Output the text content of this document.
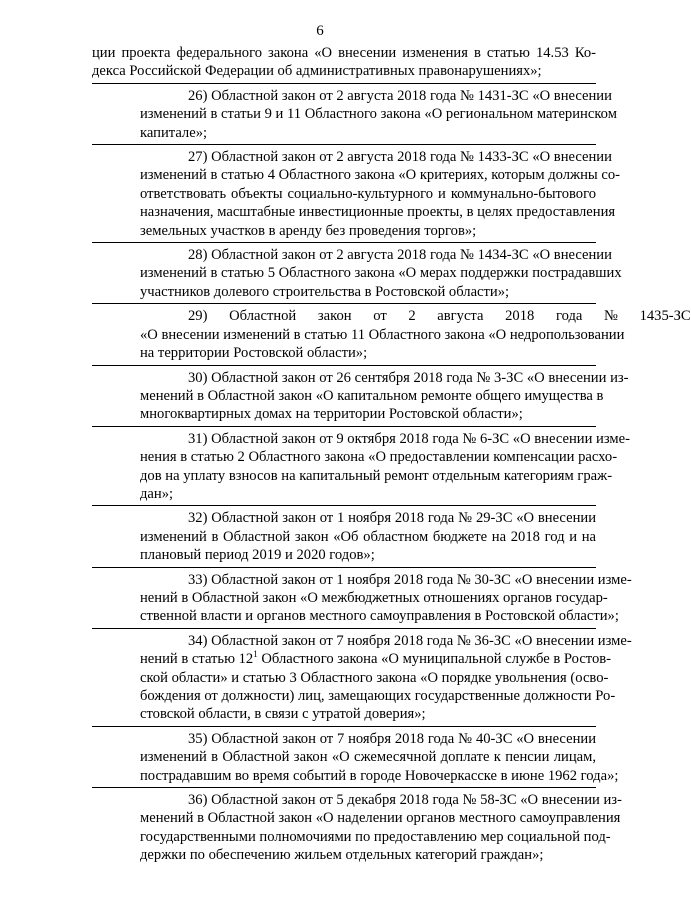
6
ции проекта федерального закона «О внесении изменения в статью 14.53 Ко-
декса Российской Федерации об административных правонарушениях»;
26) Областной закон от 2 августа 2018 года № 1431-ЗС «О внесении
изменений в статьи 9 и 11 Областного закона «О региональном материнском
капитале»;
27) Областной закон от 2 августа 2018 года № 1433-ЗС «О внесении
изменений в статью 4 Областного закона «О критериях, которым должны со-
ответствовать объекты социально-культурного и коммунально-бытового
назначения, масштабные инвестиционные проекты, в целях предоставления
земельных участков в аренду без проведения торгов»;
28) Областной закон от 2 августа 2018 года № 1434-ЗС «О внесении
изменений в статью 5 Областного закона «О мерах поддержки пострадавших
участников долевого строительства в Ростовской области»;
29) Областной закон от 2 августа 2018 года № 1435-ЗС
«О внесении изменений в статью 11 Областного закона «О недропользовании
на территории Ростовской области»;
30) Областной закон от 26 сентября 2018 года № 3-ЗС «О внесении из-
менений в Областной закон «О капитальном ремонте общего имущества в
многоквартирных домах на территории Ростовской области»;
31) Областной закон от 9 октября 2018 года № 6-ЗС «О внесении изме-
нения в статью 2 Областного закона «О предоставлении компенсации расхо-
дов на уплату взносов на капитальный ремонт отдельным категориям граж-
дан»;
32) Областной закон от 1 ноября 2018 года № 29-ЗС «О внесении
изменений в Областной закон «Об областном бюджете на 2018 год и на
плановый период 2019 и 2020 годов»;
33) Областной закон от 1 ноября 2018 года № 30-ЗС «О внесении изме-
нений в Областной закон «О межбюджетных отношениях органов государ-
ственной власти и органов местного самоуправления в Ростовской области»;
34) Областной закон от 7 ноября 2018 года № 36-ЗС «О внесении изме-
нений в статью $12^1$ Областного закона «О муниципальной службе в Ростов-
ской области» и статью 3 Областного закона «О порядке увольнения (осво-
бождения от должности) лиц, замещающих государственные должности Ро-
стовской области, в связи с утратой доверия»;
35) Областной закон от 7 ноября 2018 года № 40-ЗС «О внесении
изменений в Областной закон «О сжемесячной доплате к пенсии лицам,
пострадавшим во время событий в городе Новочеркасске в июне 1962 года»;
36) Областной закон от 5 декабря 2018 года № 58-ЗС «О внесении из-
менений в Областной закон «О наделении органов местного самоуправления
государственными полномочиями по предоставлению мер социальной под-
держки по обеспечению жильем отдельных категорий граждан»;
